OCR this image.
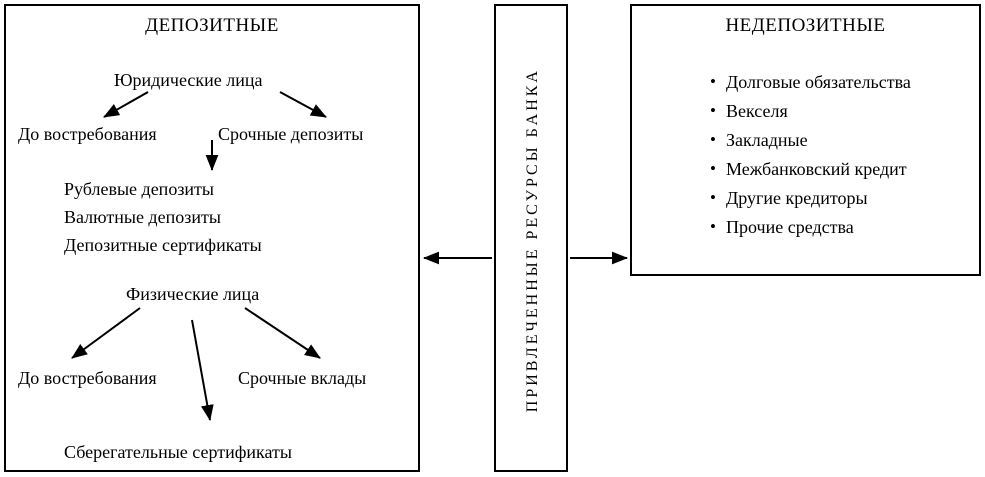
ДЕПОЗИТНЫЕ
Юридические лица
До востребования	Срочные депозиты
Рублевые депозиты
Валютные депозиты
Депозитные сертификаты
Физические лица
До востребования	Срочные вклады
Сберегательные сертификаты
ПРИВЛЕЧЕННЫЕ РЕСУРСЫ БАНКА
НЕДЕПОЗИТНЫЕ
• Долговые обязательства
• Векселя
• Закладные
• Межбанковский кредит
• Другие кредиторы
• Прочие средства
